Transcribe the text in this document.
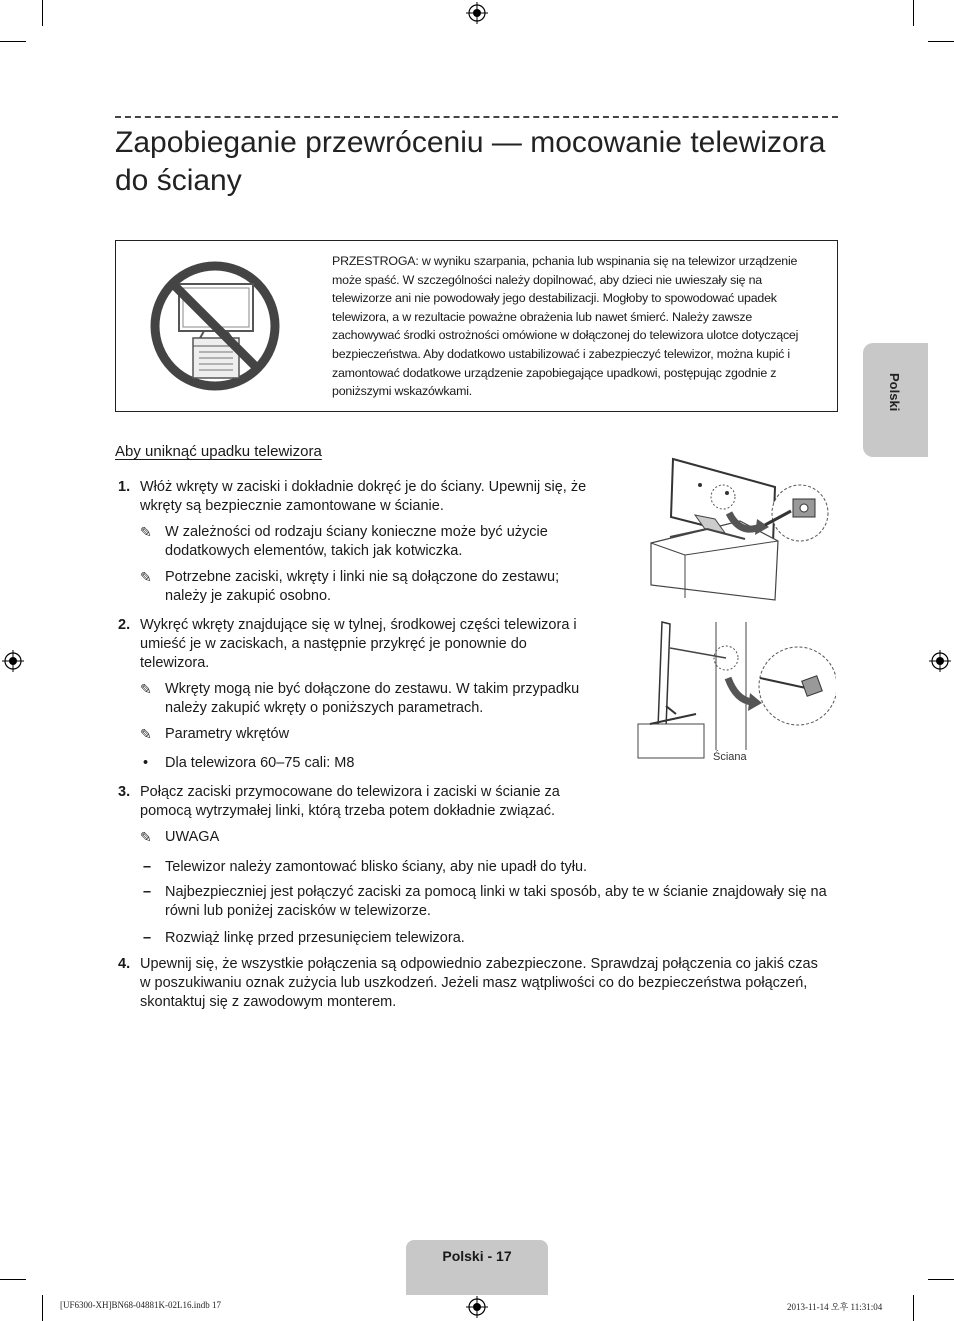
Zapobieganie przewróceniu — mocowanie telewizora do ściany
PRZESTROGA: w wyniku szarpania, pchania lub wspinania się na telewizor urządzenie może spaść. W szczególności należy dopilnować, aby dzieci nie uwieszały się na telewizorze ani nie powodowały jego destabilizacji. Mogłoby to spowodować upadek telewizora, a w rezultacie poważne obrażenia lub nawet śmierć. Należy zawsze zachowywać środki ostrożności omówione w dołączonej do telewizora ulotce dotyczącej bezpieczeństwa. Aby dodatkowo ustabilizować i zabezpieczyć telewizor, można kupić i zamontować dodatkowe urządzenie zapobiegające upadkowi, postępując zgodnie z poniższymi wskazówkami.	Polski
Aby uniknąć upadku telewizora
1. Włóż wkręty w zaciski i dokładnie dokręć je do ściany. Upewnij się, że wkręty są bezpiecznie zamontowane w ścianie.
✎ W zależności od rodzaju ściany konieczne może być użycie dodatkowych elementów, takich jak kotwiczka.
✎ Potrzebne zaciski, wkręty i linki nie są dołączone do zestawu; należy je zakupić osobno.
2. Wykręć wkręty znajdujące się w tylnej, środkowej części telewizora i umieść je w zaciskach, a następnie przykręć je ponownie do telewizora.
✎ Wkręty mogą nie być dołączone do zestawu. W takim przypadku należy zakupić wkręty o poniższych parametrach.
✎ Parametry wkrętów
• Dla telewizora 60–75 cali: M8
3. Połącz zaciski przymocowane do telewizora i zaciski w ścianie za pomocą wytrzymałej linki, którą trzeba potem dokładnie związać.
✎ UWAGA
– Telewizor należy zamontować blisko ściany, aby nie upadł do tyłu.
– Najbezpieczniej jest połączyć zaciski za pomocą linki w taki sposób, aby te w ścianie znajdowały się na równi lub poniżej zacisków w telewizorze.
– Rozwiąż linkę przed przesunięciem telewizora.
4. Upewnij się, że wszystkie połączenia są odpowiednio zabezpieczone. Sprawdzaj połączenia co jakiś czas w poszukiwaniu oznak zużycia lub uszkodzeń. Jeżeli masz wątpliwości co do bezpieczeństwa połączeń, skontaktuj się z zawodowym monterem.
Ściana
Polski - 17
[UF6300-XH]BN68-04881K-02L16.indb 17	2013-11-14 오후 11:31:04
